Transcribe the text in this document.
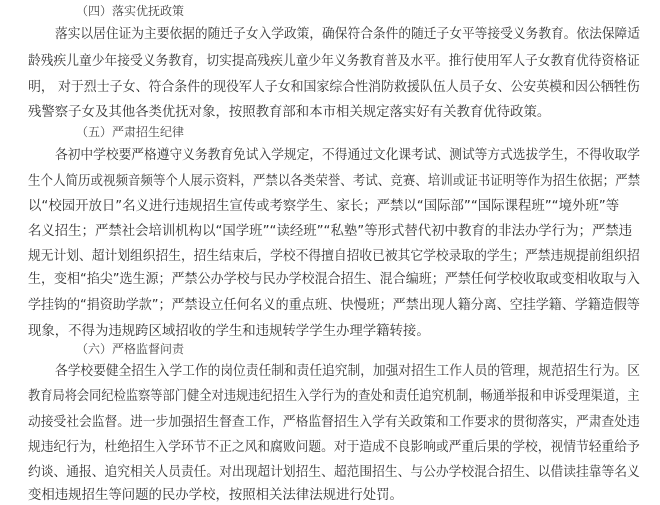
（四）落实优抚政策
落实以居住证为主要依据的随迁子女入学政策，确保符合条件的随迁子女平等接受义务教育。依法保障适
龄残疾儿童少年接受义务教育，切实提高残疾儿童少年义务教育普及水平。推行使用军人子女教育优待资格证
明， 对于烈士子女、符合条件的现役军人子女和国家综合性消防救援队伍人员子女、公安英模和因公牺牲伤
残警察子女及其他各类优抚对象，按照教育部和本市相关规定落实好有关教育优待政策。
（五）严肃招生纪律
各初中学校要严格遵守义务教育免试入学规定，不得通过文化课考试、测试等方式选拔学生，不得收取学
生个人简历或视频音频等个人展示资料，严禁以各类荣誉、考试、竞赛、培训或证书证明等作为招生依据；严禁
以“校园开放日”名义进行违规招生宣传或考察学生、家长；严禁以“国际部”“国际课程班”“境外班”等
名义招生；严禁社会培训机构以“国学班”“读经班”“私塾”等形式替代初中教育的非法办学行为；严禁违
规无计划、超计划组织招生，招生结束后，学校不得擅自招收已被其它学校录取的学生；严禁违规提前组织招
生，变相“掐尖”选生源；严禁公办学校与民办学校混合招生、混合编班；严禁任何学校收取或变相收取与入
学挂钩的“捐资助学款”；严禁设立任何名义的重点班、快慢班；严禁出现人籍分离、空挂学籍、学籍造假等
现象，不得为违规跨区域招收的学生和违规转学学生办理学籍转接。
（六）严格监督问责
各学校要健全招生入学工作的岗位责任制和责任追究制，加强对招生工作人员的管理，规范招生行为。区
教育局将会同纪检监察等部门健全对违规违纪招生入学行为的查处和责任追究机制，畅通举报和申诉受理渠道，主
动接受社会监督。进一步加强招生督查工作，严格监督招生入学有关政策和工作要求的贯彻落实，严肃查处违
规违纪行为，杜绝招生入学环节不正之风和腐败问题。对于造成不良影响或严重后果的学校，视情节轻重给予
约谈、通报、追究相关人员责任。对出现超计划招生、超范围招生、与公办学校混合招生、以借读挂靠等名义
变相违规招生等问题的民办学校，按照相关法律法规进行处罚。
